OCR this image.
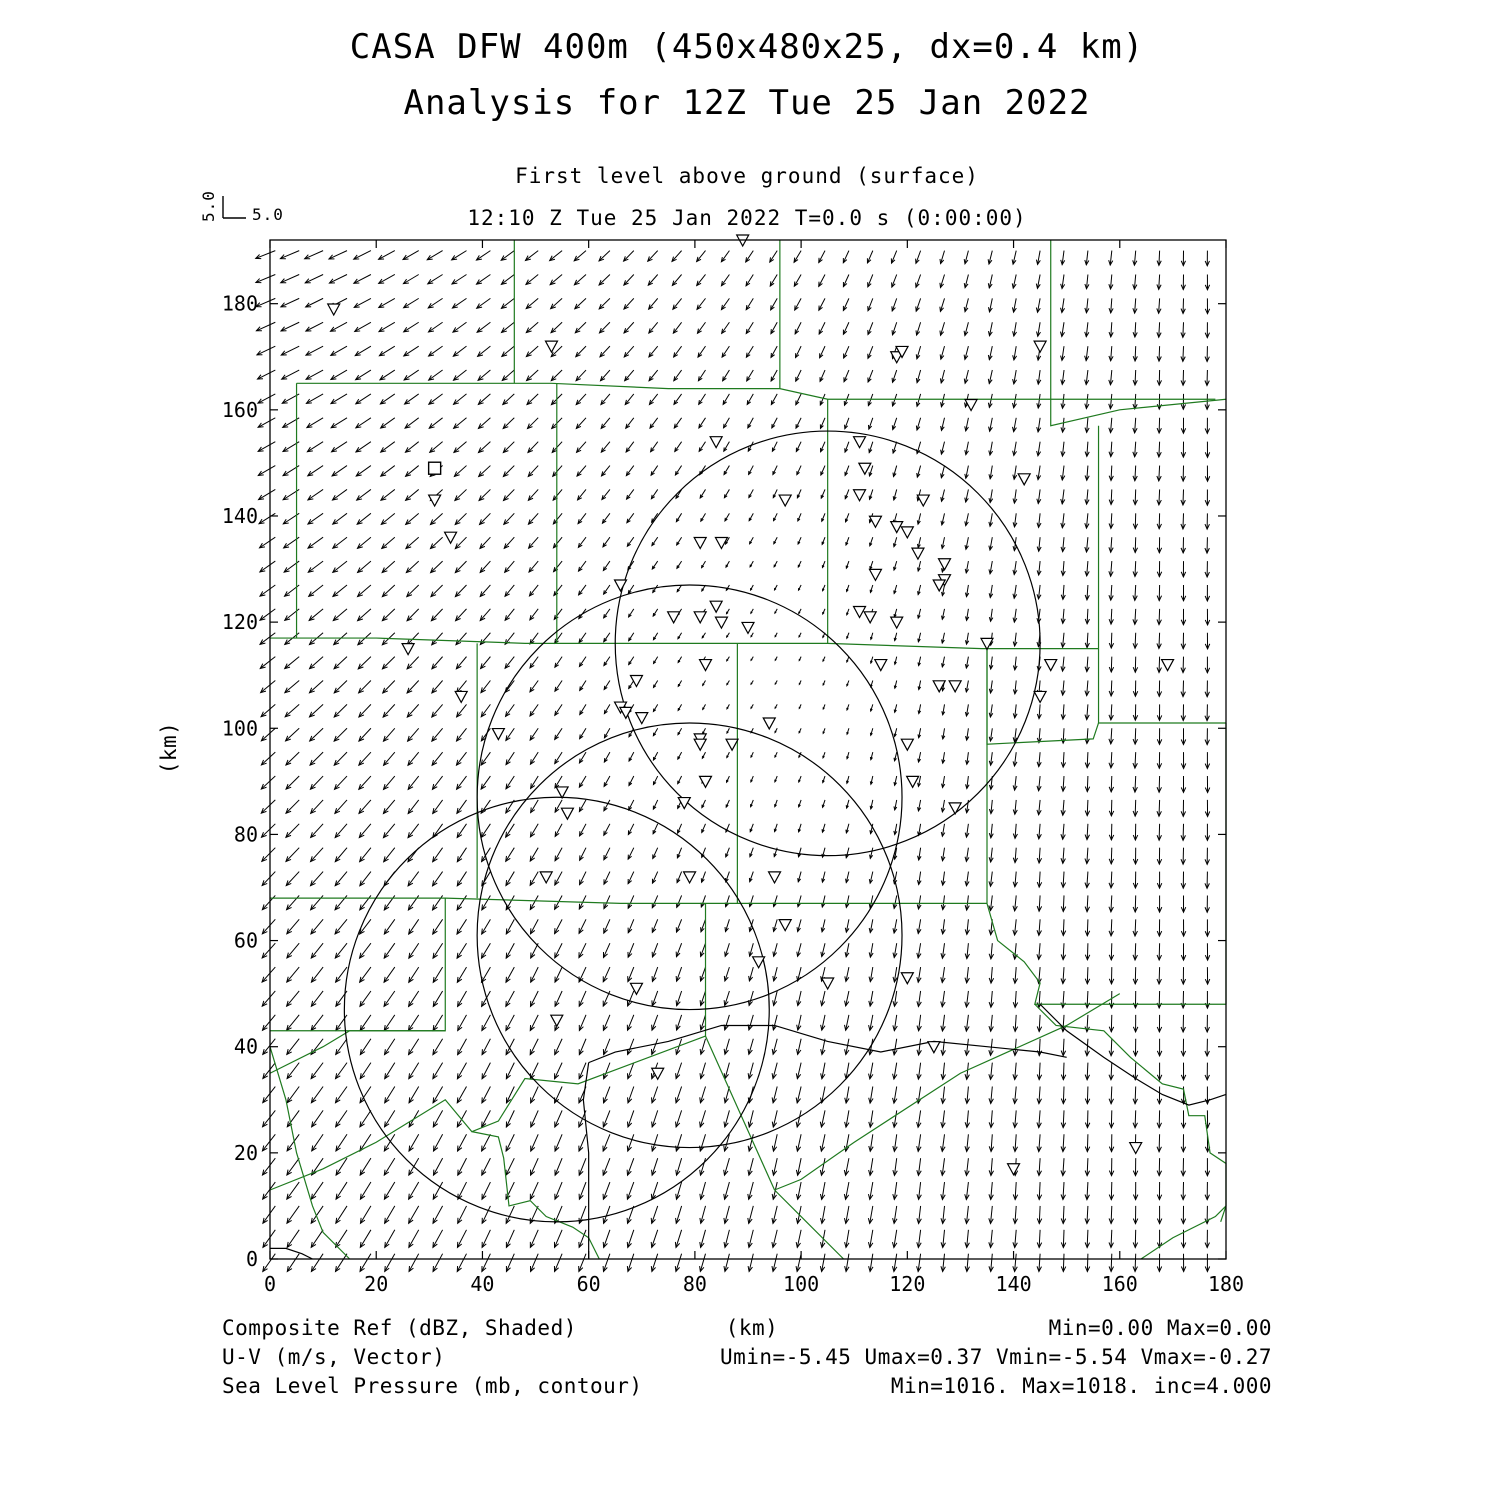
CASA DFW 400m (450x480x25, dx=0.4 km)
Analysis for 12Z Tue 25 Jan 2022
First level above ground (surface)
12:10 Z Tue 25 Jan 2022 T=0.0 s (0:00:00)
5.0
5.0
0	20	40	60	80	100	120	140	160	180
0
20
40
60
80
100
120
140
160
180
(km)
Composite Ref (dBZ, Shaded)
U-V (m/s, Vector)
Sea Level Pressure (mb, contour)
(km)	Min=0.00 Max=0.00
Umin=-5.45 Umax=0.37 Vmin=-5.54 Vmax=-0.27
Min=1016. Max=1018. inc=4.000
